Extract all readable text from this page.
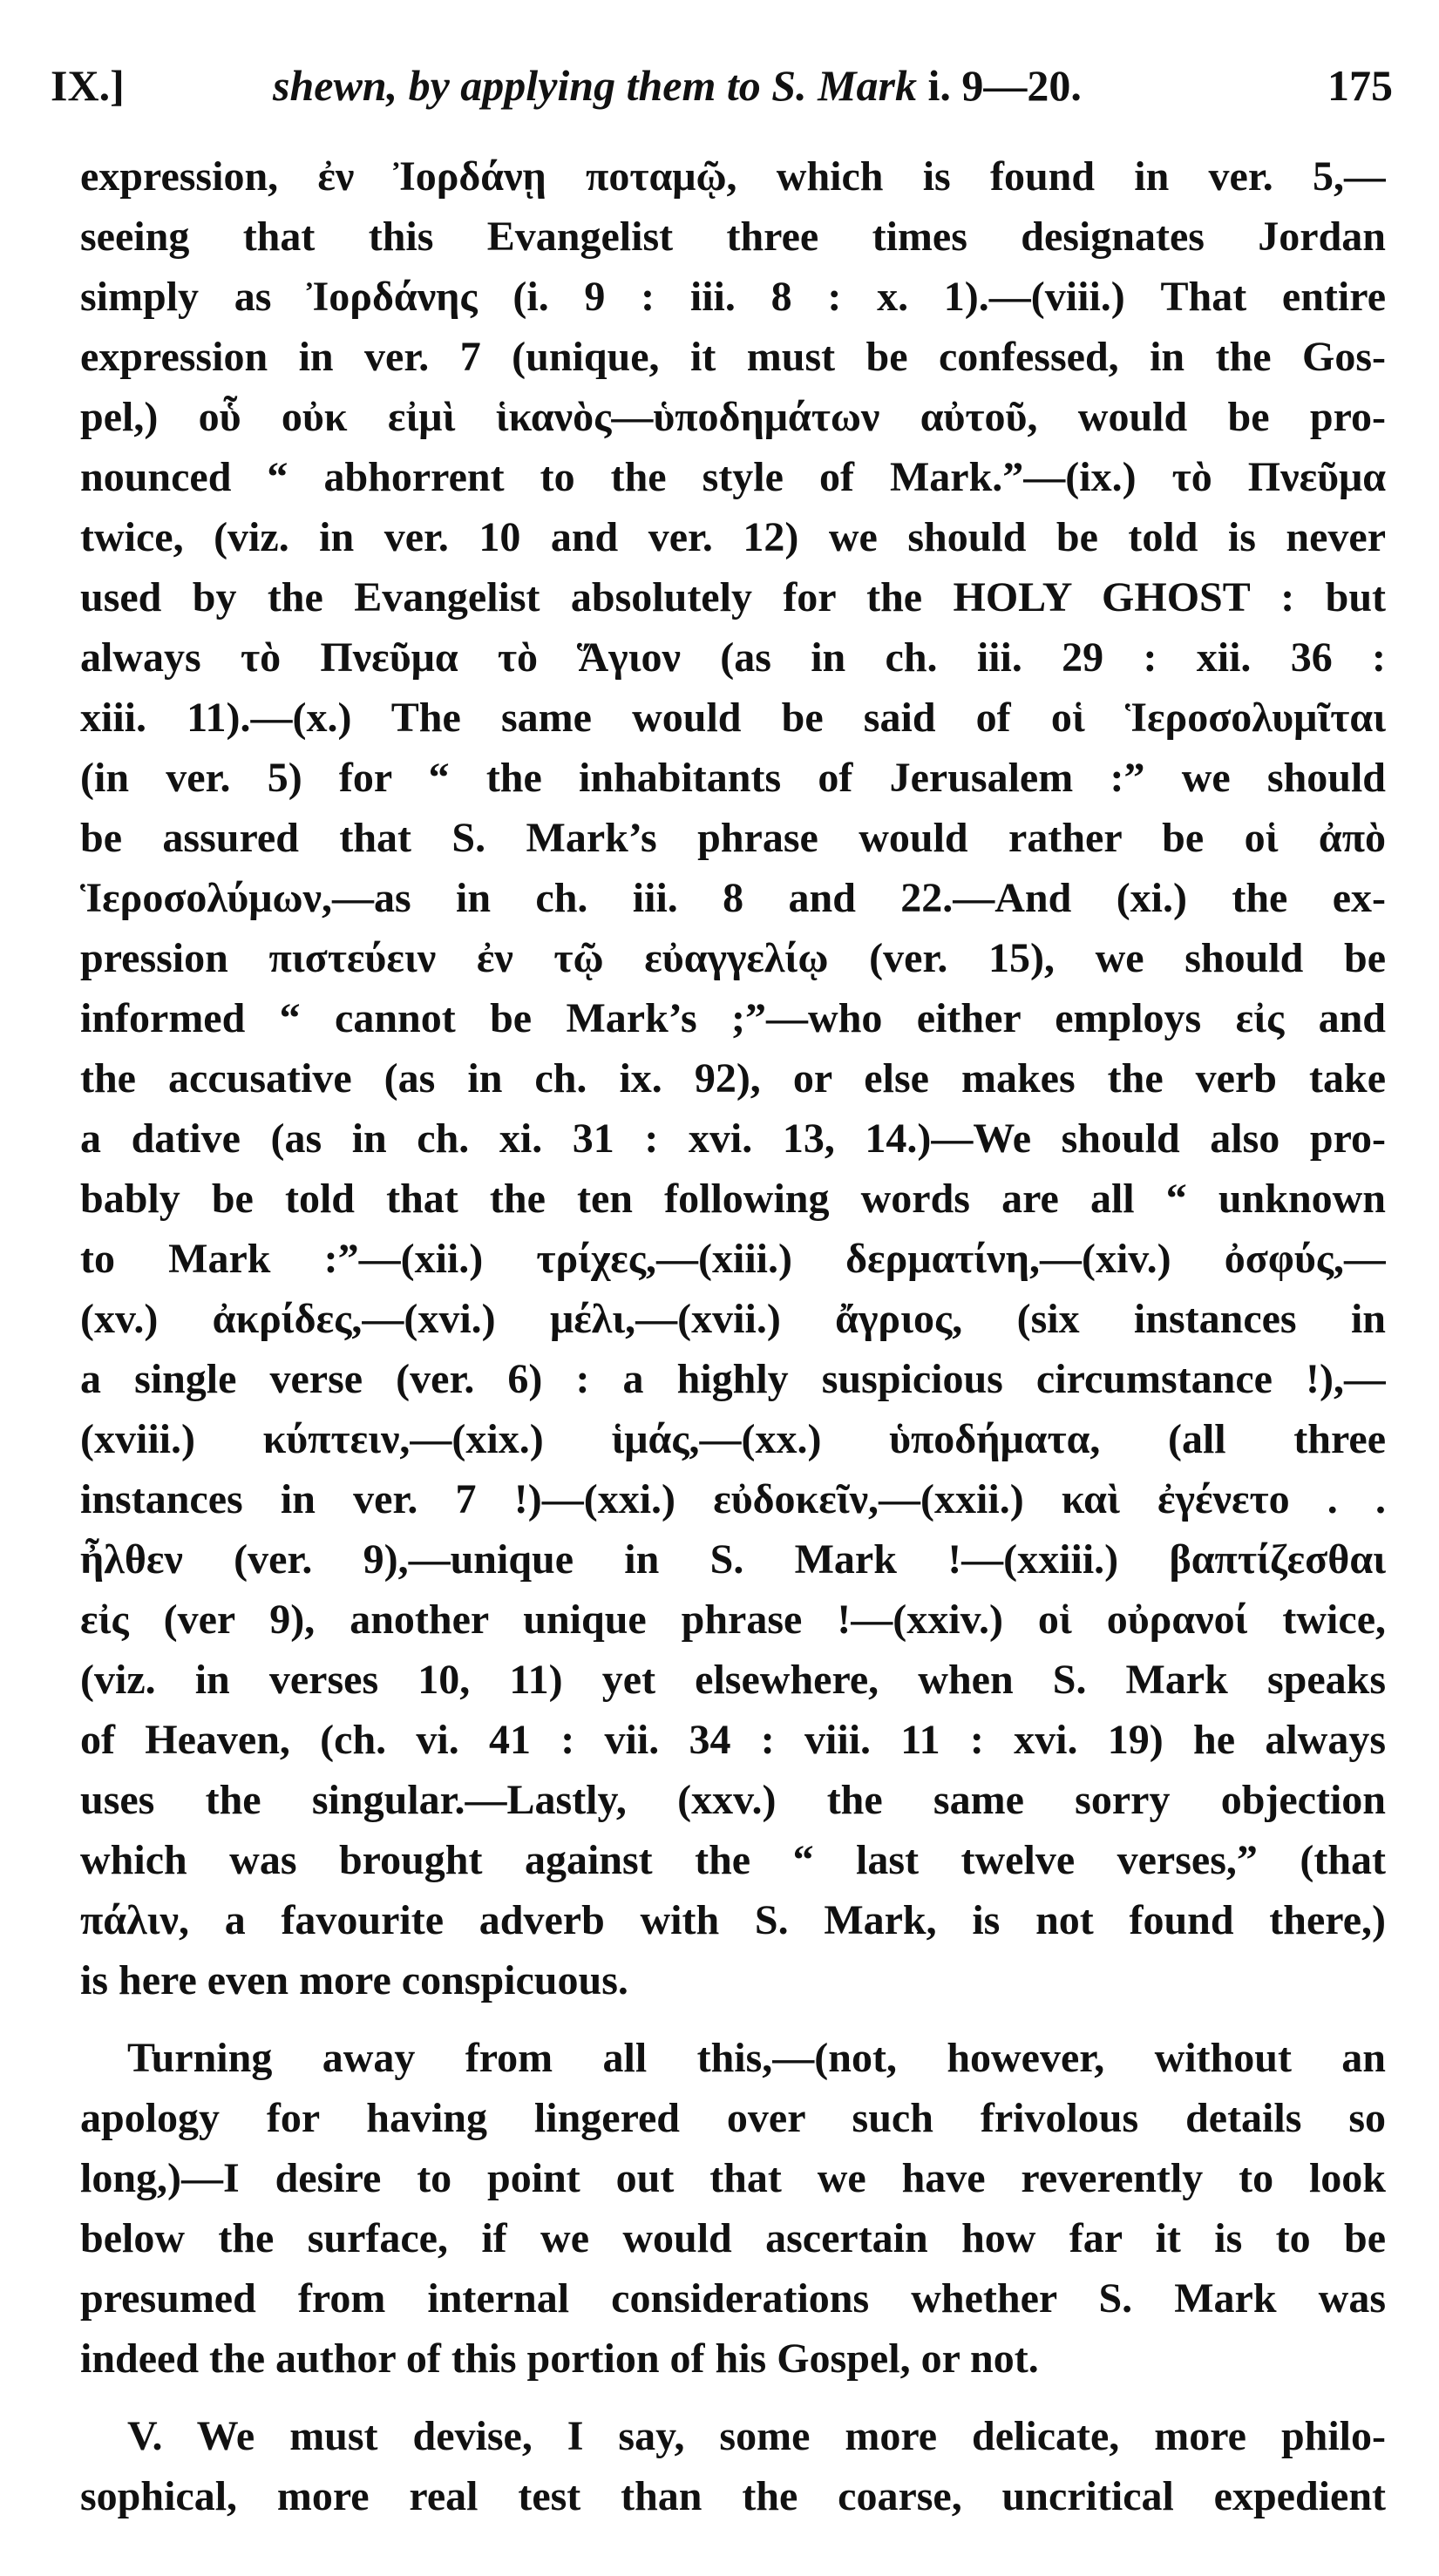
IX.]	shewn, by applying them to S. Mark i. 9—20.	175
expression, ἐν Ἰορδάνῃ ποταμῷ, which is found in ver. 5,—
seeing that this Evangelist three times designates Jordan
simply as Ἰορδάνης (i. 9 : iii. 8 : x. 1).—(viii.) That entire
expression in ver. 7 (unique, it must be confessed, in the Gos-
pel,) οὗ οὐκ εἰμὶ ἱκανὸς—ὑποδημάτων αὐτοῦ, would be pro-
nounced “ abhorrent to the style of Mark.”—(ix.) τὸ Πνεῦμα
twice, (viz. in ver. 10 and ver. 12) we should be told is never
used by the Evangelist absolutely for the HOLY GHOST : but
always τὸ Πνεῦμα τὸ Ἅγιον (as in ch. iii. 29 : xii. 36 :
xiii. 11).—(x.) The same would be said of οἱ Ἱεροσολυμῖται
(in ver. 5) for “ the inhabitants of Jerusalem :” we should
be assured that S. Mark’s phrase would rather be οἱ ἀπὸ
Ἱεροσολύμων,—as in ch. iii. 8 and 22.—And (xi.) the ex-
pression πιστεύειν ἐν τῷ εὐαγγελίῳ (ver. 15), we should be
informed “ cannot be Mark’s ;”—who either employs εἰς and
the accusative (as in ch. ix. 92), or else makes the verb take
a dative (as in ch. xi. 31 : xvi. 13, 14.)—We should also pro-
bably be told that the ten following words are all “ unknown
to Mark :”—(xii.) τρίχες,—(xiii.) δερματίνη,—(xiv.) ὀσφύς,—
(xv.) ἀκρίδες,—(xvi.) μέλι,—(xvii.) ἄγριος, (six instances in
a single verse (ver. 6) : a highly suspicious circumstance !),—
(xviii.) κύπτειν,—(xix.) ἱμάς,—(xx.) ὑποδήματα, (all three
instances in ver. 7 !)—(xxi.) εὐδοκεῖν,—(xxii.) καὶ ἐγένετο . .
ἦλθεν (ver. 9),—unique in S. Mark !—(xxiii.) βαπτίζεσθαι
εἰς (ver 9), another unique phrase !—(xxiv.) οἱ οὐρανοί twice,
(viz. in verses 10, 11) yet elsewhere, when S. Mark speaks
of Heaven, (ch. vi. 41 : vii. 34 : viii. 11 : xvi. 19) he always
uses the singular.—Lastly, (xxv.) the same sorry objection
which was brought against the “ last twelve verses,” (that
πάλιν, a favourite adverb with S. Mark, is not found there,)
is here even more conspicuous.
Turning away from all this,—(not, however, without an
apology for having lingered over such frivolous details so
long,)—I desire to point out that we have reverently to look
below the surface, if we would ascertain how far it is to be
presumed from internal considerations whether S. Mark was
indeed the author of this portion of his Gospel, or not.
V. We must devise, I say, some more delicate, more philo-
sophical, more real test than the coarse, uncritical expedient
